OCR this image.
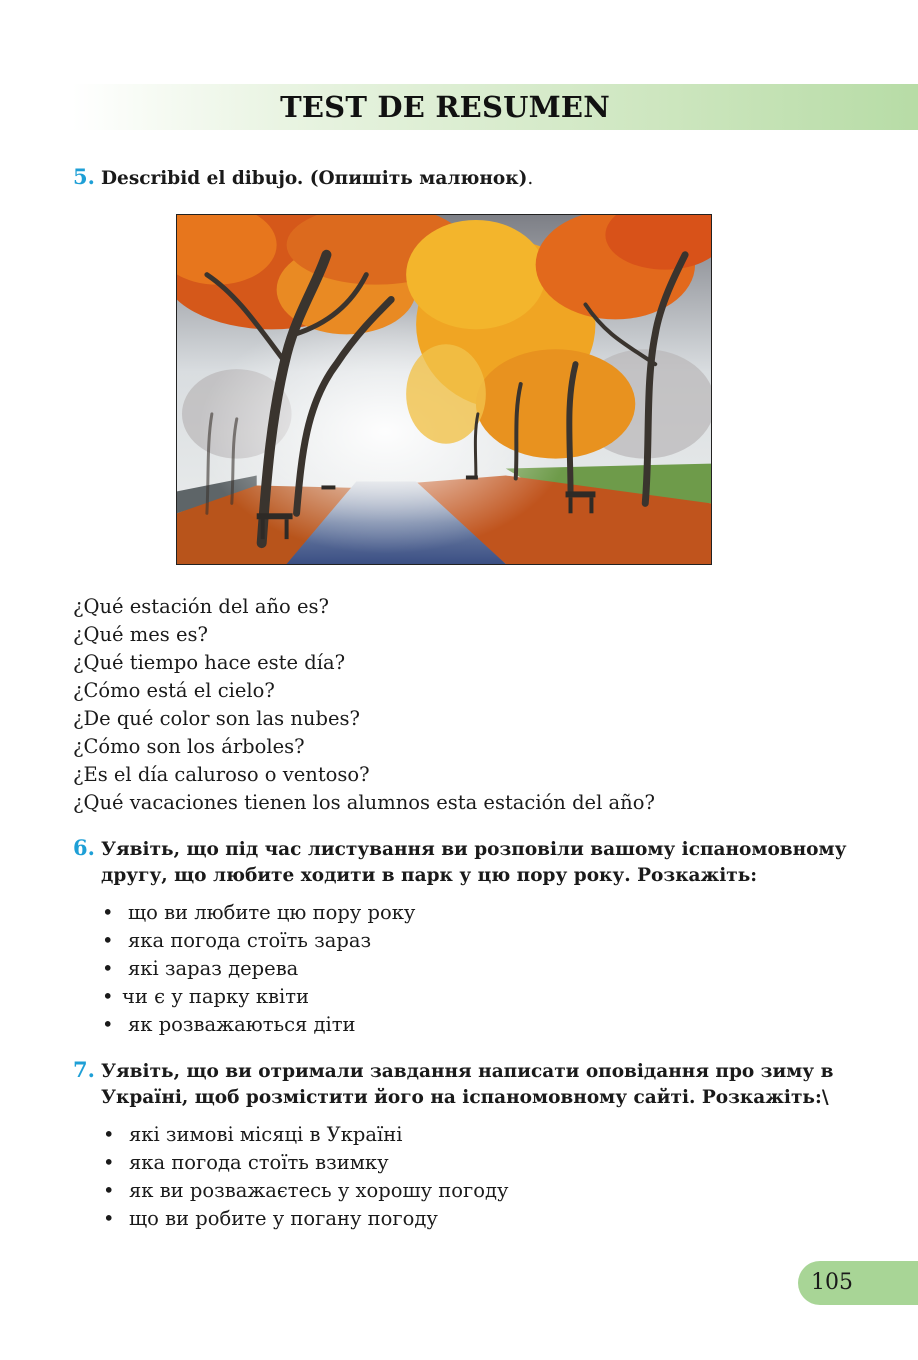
TEST DE RESUMEN
5. Describid el dibujo. (Опишіть малюнок).
¿Qué estación del año es?
¿Qué mes es?
¿Qué tiempo hace este día?
¿Cómo está el cielo?
¿De qué color son las nubes?
¿Cómo son los árboles?
¿Es el día caluroso o ventoso?
¿Qué vacaciones tienen los alumnos esta estación del año?
6. Уявіть, що під час листування ви розповіли вашому іспаномовному
другу, що любите ходити в парк у цю пору року. Розкажіть:
• що ви любите цю пору року
• яка погода стоїть зараз
• які зараз дерева
• чи є у парку квіти
• як розважаються діти
7. Уявіть, що ви отримали завдання написати оповідання про зиму в
Україні, щоб розмістити його на іспаномовному сайті. Розкажіть:\
• які зимові місяці в Україні
• яка погода стоїть взимку
• як ви розважаєтесь у хорошу погоду
• що ви робите у погану погоду
105
